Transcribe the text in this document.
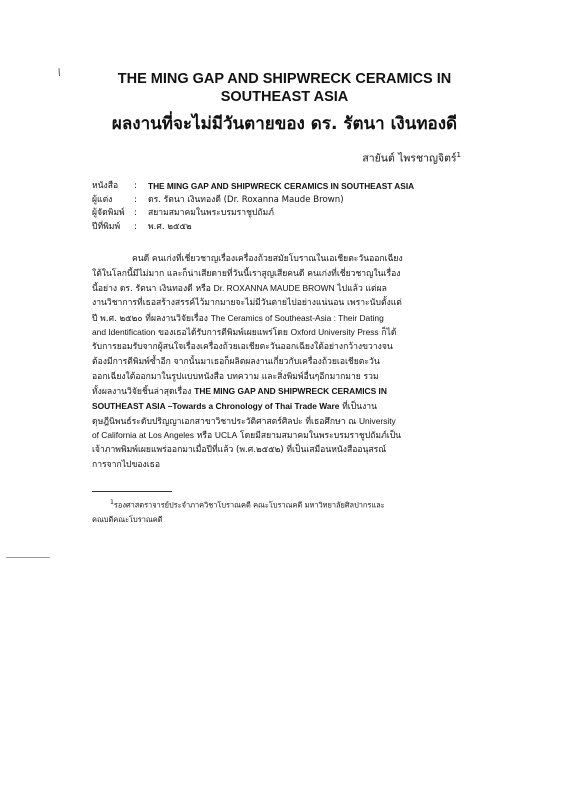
/	THE MING GAP AND SHIPWRECK CERAMICS IN
SOUTHEAST ASIA
ผลงานที่จะไม่มีวันตายของ ดร. รัตนา เงินทองดี
สายันต์ ไพรชาญจิตร์$^1$
หนังสือ	:	THE MING GAP AND SHIPWRECK CERAMICS IN SOUTHEAST ASIA
ผู้แต่ง	:	ดร. รัตนา เงินทองดี (Dr. Roxanna Maude Brown)
ผู้จัดพิมพ์	:	สยามสมาคมในพระบรมราชูปถัมภ์
ปีที่พิมพ์	:	พ.ศ. ๒๕๕๒
คนดี คนเก่งที่เชี่ยวชาญเรื่องเครื่องถ้วยสมัยโบราณในเอเชียตะวันออกเฉียง
ใต้ในโลกนี้มีไม่มาก และก็น่าเสียดายที่วันนี้เราสูญเสียคนดี คนเก่งที่เชี่ยวชาญในเรื่อง
นี้อย่าง ดร. รัตนา เงินทองดี หรือ Dr. ROXANNA MAUDE BROWN ไปแล้ว แต่ผล
งานวิชาการที่เธอสร้างสรรค์ไว้มากมายจะไม่มีวันตายไปอย่างแน่นอน เพราะนับตั้งแต่
ปี พ.ศ. ๒๕๒๐ ที่ผลงานวิจัยเรื่อง The Ceramics of Southeast-Asia : Their Dating
and Identification ของเธอได้รับการตีพิมพ์เผยแพร่โดย Oxford University Press ก็ได้
รับการยอมรับจากผู้สนใจเรื่องเครื่องถ้วยเอเชียตะวันออกเฉียงใต้อย่างกว้างขวางจน
ต้องมีการตีพิมพ์ซ้ำอีก จากนั้นมาเธอก็ผลิตผลงานเกี่ยวกับเครื่องถ้วยเอเชียตะวัน
ออกเฉียงใต้ออกมาในรูปแบบหนังสือ บทความ และสิ่งพิมพ์อื่นๆอีกมากมาย รวม
ทั้งผลงานวิจัยชิ้นล่าสุดเรื่อง THE MING GAP AND SHIPWRECK CERAMICS IN
SOUTHEAST ASIA –Towards a Chronology of Thai Trade Ware ที่เป็นงาน
ดุษฎีนิพนธ์ระดับปริญญาเอกสาขาวิชาประวัติศาสตร์ศิลปะ ที่เธอศึกษา ณ University
of California at Los Angeles หรือ UCLA โดยมีสยามสมาคมในพระบรมราชูปถัมภ์เป็น
เจ้าภาพพิมพ์เผยแพร่ออกมาเมื่อปีที่แล้ว (พ.ศ.๒๕๕๒) ที่เป็นเสมือนหนังสืออนุสรณ์
การจากไปของเธอ
$^1$รองศาสตราจารย์ประจำภาควิชาโบราณคดี คณะโบราณคดี มหาวิทยาลัยศิลปากรและ
คณบดีคณะโบราณคดี
